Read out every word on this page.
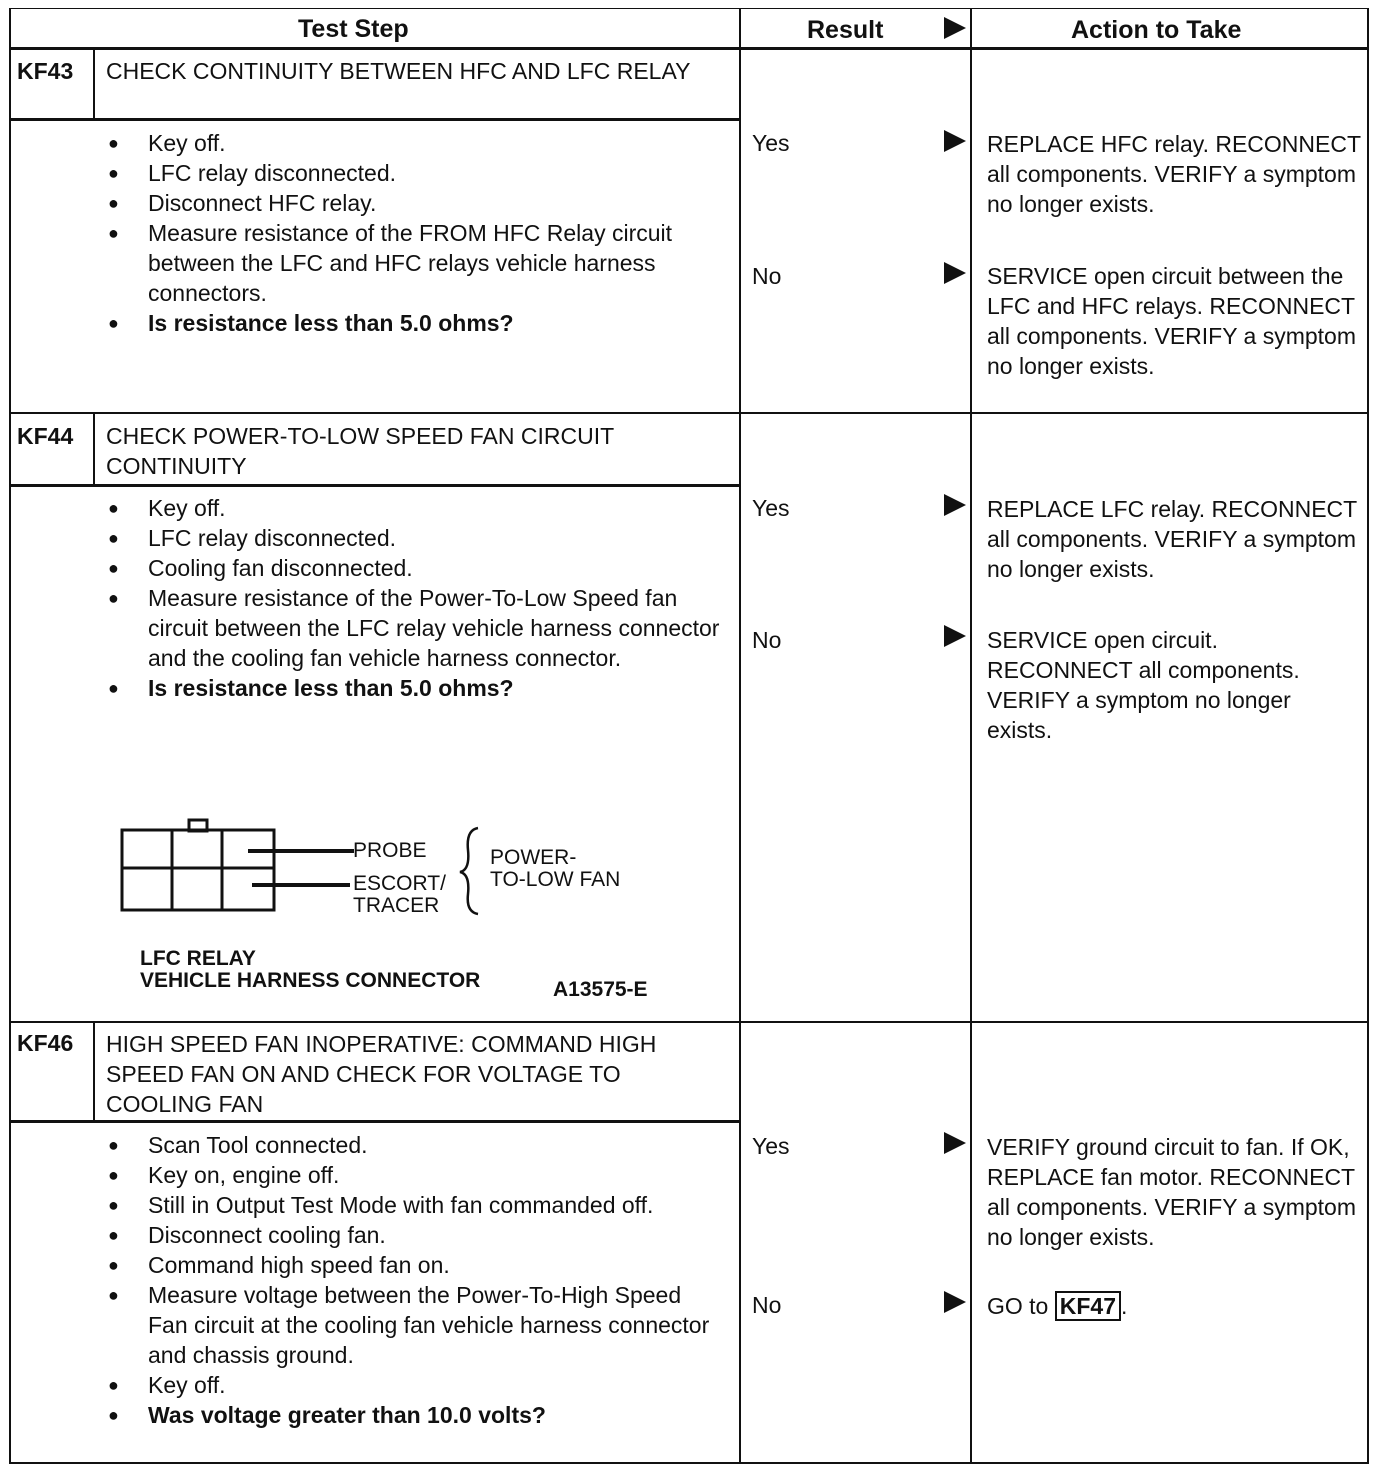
Test Step	Result	Action to Take
KF43 CHECK CONTINUITY BETWEEN HFC AND LFC RELAY
● Key off.
● LFC relay disconnected.
● Disconnect HFC relay.
● Measure resistance of the FROM HFC Relay circuit between the LFC and HFC relays vehicle harness connectors.
● Is resistance less than 5.0 ohms?
Yes	REPLACE HFC relay. RECONNECT all components. VERIFY a symptom no longer exists.
No	SERVICE open circuit between the LFC and HFC relays. RECONNECT all components. VERIFY a symptom no longer exists.
KF44 CHECK POWER-TO-LOW SPEED FAN CIRCUIT CONTINUITY
● Key off.
● LFC relay disconnected.
● Cooling fan disconnected.
● Measure resistance of the Power-To-Low Speed fan circuit between the LFC relay vehicle harness connector and the cooling fan vehicle harness connector.
● Is resistance less than 5.0 ohms?
Yes	REPLACE LFC relay. RECONNECT all components. VERIFY a symptom no longer exists.
No	SERVICE open circuit. RECONNECT all components. VERIFY a symptom no longer exists.
PROBE
ESCORT/
TRACER
POWER-
TO-LOW FAN
LFC RELAY
VEHICLE HARNESS CONNECTOR	A13575-E
KF46 HIGH SPEED FAN INOPERATIVE: COMMAND HIGH SPEED FAN ON AND CHECK FOR VOLTAGE TO COOLING FAN
● Scan Tool connected.
● Key on, engine off.
● Still in Output Test Mode with fan commanded off.
● Disconnect cooling fan.
● Command high speed fan on.
● Measure voltage between the Power-To-High Speed Fan circuit at the cooling fan vehicle harness connector and chassis ground.
● Key off.
● Was voltage greater than 10.0 volts?
Yes	VERIFY ground circuit to fan. If OK, REPLACE fan motor. RECONNECT all components. VERIFY a symptom no longer exists.
No	GO to KF47 .
